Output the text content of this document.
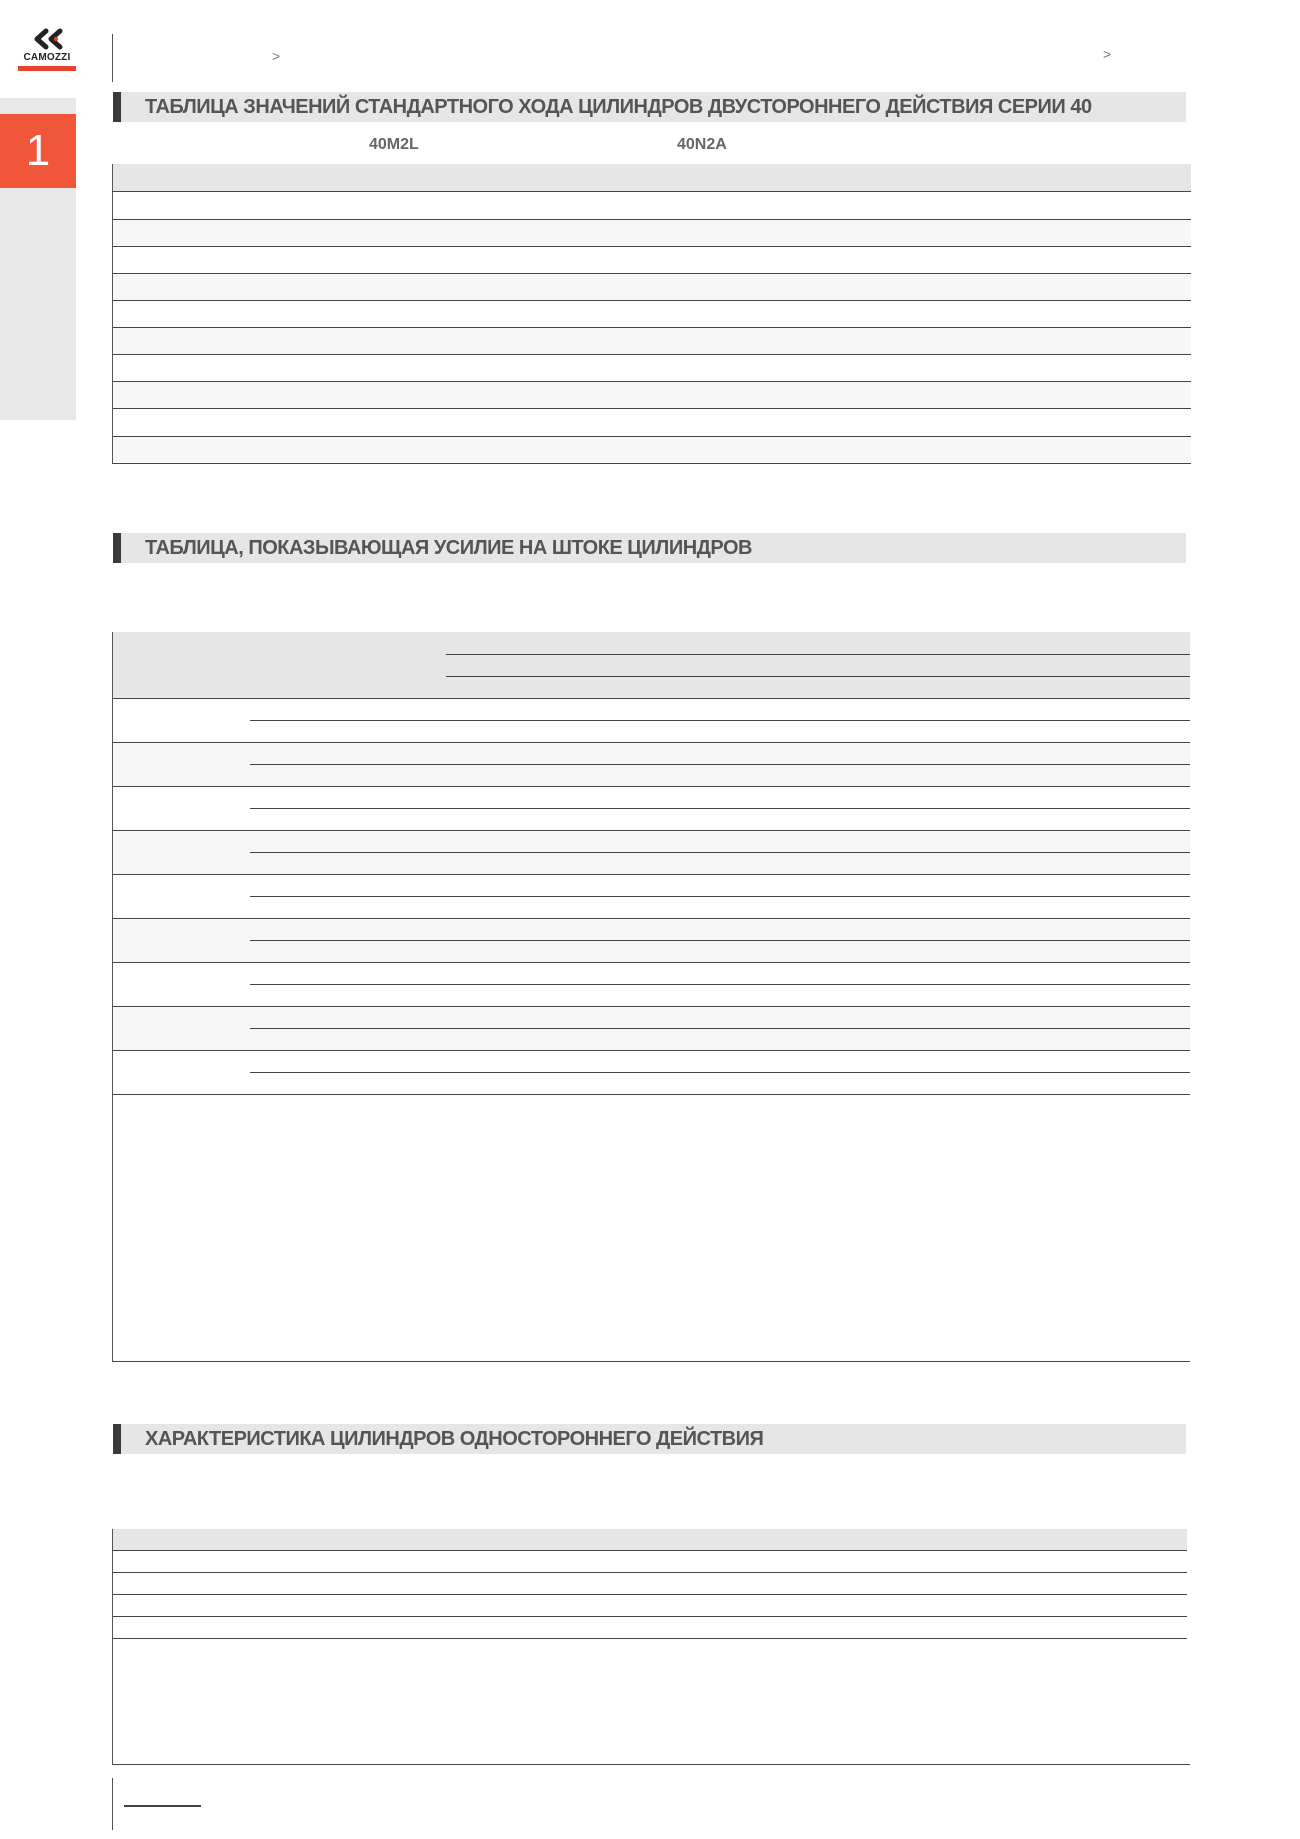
CAMOZZI	>	>
1
ТАБЛИЦА ЗНАЧЕНИЙ СТАНДАРТНОГО ХОДА ЦИЛИНДРОВ ДВУСТОРОННЕГО ДЕЙСТВИЯ СЕРИИ 40
40M2L	40N2A
ТАБЛИЦА, ПОКАЗЫВАЮЩАЯ УСИЛИЕ НА ШТОКЕ ЦИЛИНДРОВ
ХАРАКТЕРИСТИКА ЦИЛИНДРОВ ОДНОСТОРОННЕГО ДЕЙСТВИЯ
